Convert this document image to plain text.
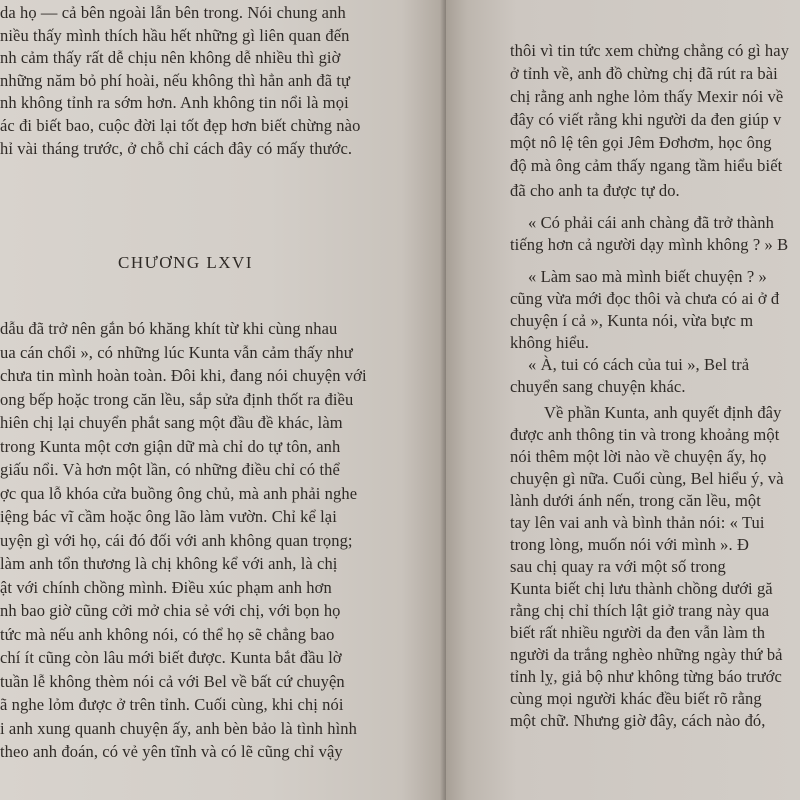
da họ — cả bên ngoài lẫn bên trong. Nói chung anh
niều thấy mình thích hầu hết những gì liên quan đến
nh cảm thấy rất dễ chịu nên không dễ nhiều thì giờ
những năm bỏ phí hoài, nếu không thì hẳn anh đã tự
nh không tỉnh ra sớm hơn. Anh không tin nổi là mọi
ác đi biết bao, cuộc đời lại tốt đẹp hơn biết chừng nào
hỉ vài tháng trước, ở chỗ chỉ cách đây có mấy thước.
CHƯƠNG LXVI
dẫu đã trở nên gắn bó khăng khít từ khi cùng nhau
ua cán chổi », có những lúc Kunta vẫn cảm thấy như
chưa tin mình hoàn toàn. Đôi khi, đang nói chuyện với
ong bếp hoặc trong căn lều, sắp sửa định thốt ra điều
hiên chị lại chuyển phắt sang một đầu đề khác, làm
trong Kunta một cơn giận dữ mà chỉ do tự tôn, anh
giấu nổi. Và hơn một lần, có những điều chỉ có thể
ợc qua lỗ khóa cửa buồng ông chủ, mà anh phải nghe
iệng bác vĩ cầm hoặc ông lão làm vườn. Chỉ kể lại
uyện gì với họ, cái đó đối với anh không quan trọng;
làm anh tổn thương là chị không kể với anh, là chị
ật với chính chồng mình. Điều xúc phạm anh hơn
nh bao giờ cũng cởi mở chia sẻ với chị, với bọn họ
tức mà nếu anh không nói, có thể họ sẽ chẳng bao
chí ít cũng còn lâu mới biết được. Kunta bắt đầu lờ
tuần lễ không thèm nói cả với Bel về bất cứ chuyện
ã nghe lỏm được ở trên tỉnh. Cuối cùng, khi chị nói
i anh xung quanh chuyện ấy, anh bèn bảo là tình hình
theo anh đoán, có vẻ yên tĩnh và có lẽ cũng chỉ vậy
thôi vì tin tức xem chừng chẳng có gì hay
ở tỉnh về, anh đồ chừng chị đã rút ra bài
chị rằng anh nghe lỏm thấy Mexir nói về
đây có viết rằng khi người da đen giúp v
một nô lệ tên gọi Jêm Đơhơm, học ông
độ mà ông cảm thấy ngang tầm hiểu biết
đã cho anh ta được tự do.
« Có phải cái anh chàng đã trở thành
tiếng hơn cả người dạy mình không ? » B
« Làm sao mà mình biết chuyện ? »
cũng vừa mới đọc thôi và chưa có ai ở đ
chuyện í cả », Kunta nói, vừa bực m
không hiểu.
« À, tui có cách của tui », Bel trả
chuyển sang chuyện khác.
Về phần Kunta, anh quyết định đây
được anh thông tin và trong khoảng một
nói thêm một lời nào về chuyện ấy, họ
chuyện gì nữa. Cuối cùng, Bel hiểu ý, và
lành dưới ánh nến, trong căn lều, một
tay lên vai anh và bình thản nói: « Tui
trong lòng, muốn nói với mình ». Đ
sau chị quay ra với một số trong
Kunta biết chị lưu thành chồng dưới gă
rằng chị chỉ thích lật giở trang này qua
biết rất nhiều người da đen vẫn làm th
người da trắng nghèo những ngày thứ bả
tỉnh lỵ, giả bộ như không từng báo trước
cùng mọi người khác đều biết rõ rằng
một chữ. Nhưng giờ đây, cách nào đó,
